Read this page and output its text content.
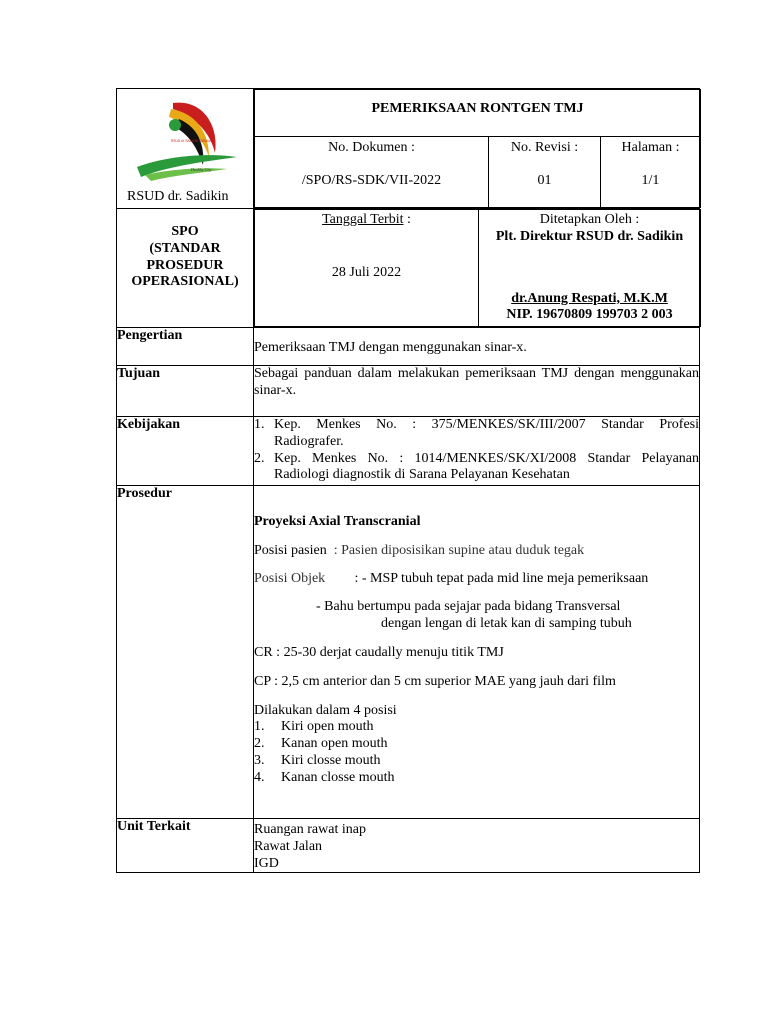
RSUD dr. SADIKIN PARIAMAN
Healthy City
RSUD dr. Sadikin

PEMERIKSAAN RONTGEN TMJ

No. Dokumen :
/SPO/RS-SDK/VII-2022

No. Revisi :
01

Halaman :
1/1

SPO
(STANDAR
PROSEDUR
OPERASIONAL)

Tanggal Terbit :
28 Juli 2022

Ditetapkan Oleh :
Plt. Direktur RSUD dr. Sadikin
dr.Anung Respati, M.K.M
NIP. 19670809 199703 2 003

Pengertian	Pemeriksaan TMJ dengan menggunakan sinar-x.
Tujuan	Sebagai panduan dalam melakukan pemeriksaan TMJ dengan menggunakan sinar-x.
Kebijakan	1. Kep. Menkes No. : 375/MENKES/SK/III/2007 Standar Profesi Radiografer.
2. Kep. Menkes No. : 1014/MENKES/SK/XI/2008 Standar Pelayanan Radiologi diagnostik di Sarana Pelayanan Kesehatan

Prosedur	
Proyeksi Axial Transcranial
Posisi pasien  : Pasien diposisikan supine atau duduk tegak
Posisi Objek : - MSP tubuh tepat pada mid line meja pemeriksaan
- Bahu bertumpu pada sejajar pada bidang Transversal
dengan lengan di letak kan di samping tubuh
CR : 25-30 derjat caudally menuju titik TMJ
CP : 2,5 cm anterior dan 5 cm superior MAE yang jauh dari film
Dilakukan dalam 4 posisi
1. Kiri open mouth
2. Kanan open mouth
3. Kiri closse mouth
4. Kanan closse mouth

Unit Terkait	Ruangan rawat inap
Rawat Jalan
IGD
